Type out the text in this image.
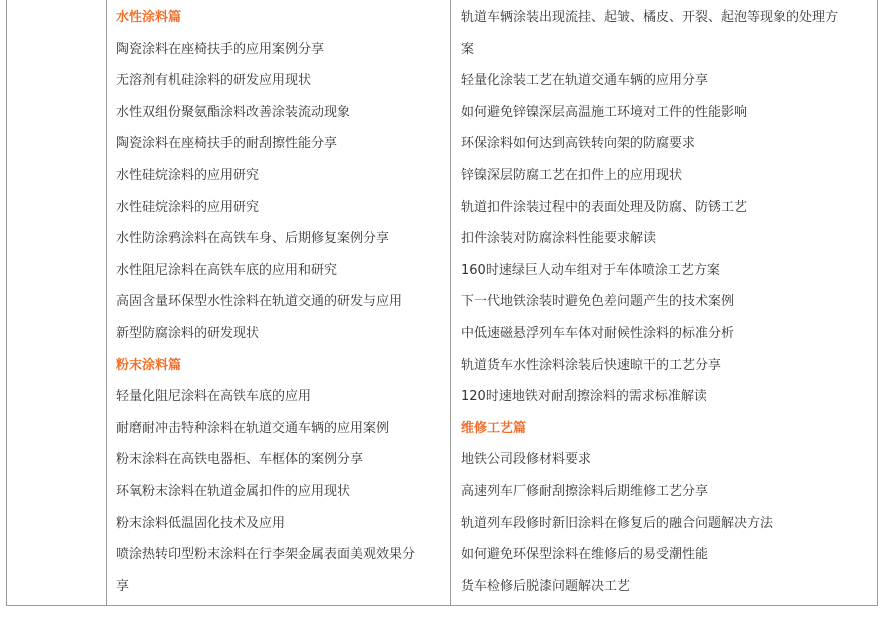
水性涂料篇
陶瓷涂料在座椅扶手的应用案例分享
无溶剂有机硅涂料的研发应用现状
水性双组份聚氨酯涂料改善涂装流动现象
陶瓷涂料在座椅扶手的耐刮擦性能分享
水性硅烷涂料的应用研究
水性硅烷涂料的应用研究
水性防涂鸦涂料在高铁车身、后期修复案例分享
水性阻尼涂料在高铁车底的应用和研究
高固含量环保型水性涂料在轨道交通的研发与应用
新型防腐涂料的研发现状
粉末涂料篇
轻量化阻尼涂料在高铁车底的应用
耐磨耐冲击特种涂料在轨道交通车辆的应用案例
粉末涂料在高铁电器柜、车框体的案例分享
环氧粉末涂料在轨道金属扣件的应用现状
粉末涂料低温固化技术及应用
喷涂热转印型粉末涂料在行李架金属表面美观效果分
享
轨道车辆涂装出现流挂、起皱、橘皮、开裂、起泡等现象的处理方
案
轻量化涂装工艺在轨道交通车辆的应用分享
如何避免锌镍深层高温施工环境对工件的性能影响
环保涂料如何达到高铁转向架的防腐要求
锌镍深层防腐工艺在扣件上的应用现状
轨道扣件涂装过程中的表面处理及防腐、防锈工艺
扣件涂装对防腐涂料性能要求解读
160时速绿巨人动车组对于车体喷涂工艺方案
下一代地铁涂装时避免色差问题产生的技术案例
中低速磁悬浮列车车体对耐候性涂料的标准分析
轨道货车水性涂料涂装后快速晾干的工艺分享
120时速地铁对耐刮擦涂料的需求标准解读
维修工艺篇
地铁公司段修材料要求
高速列车厂修耐刮擦涂料后期维修工艺分享
轨道列车段修时新旧涂料在修复后的融合问题解决方法
如何避免环保型涂料在维修后的易受潮性能
货车检修后脱漆问题解决工艺
